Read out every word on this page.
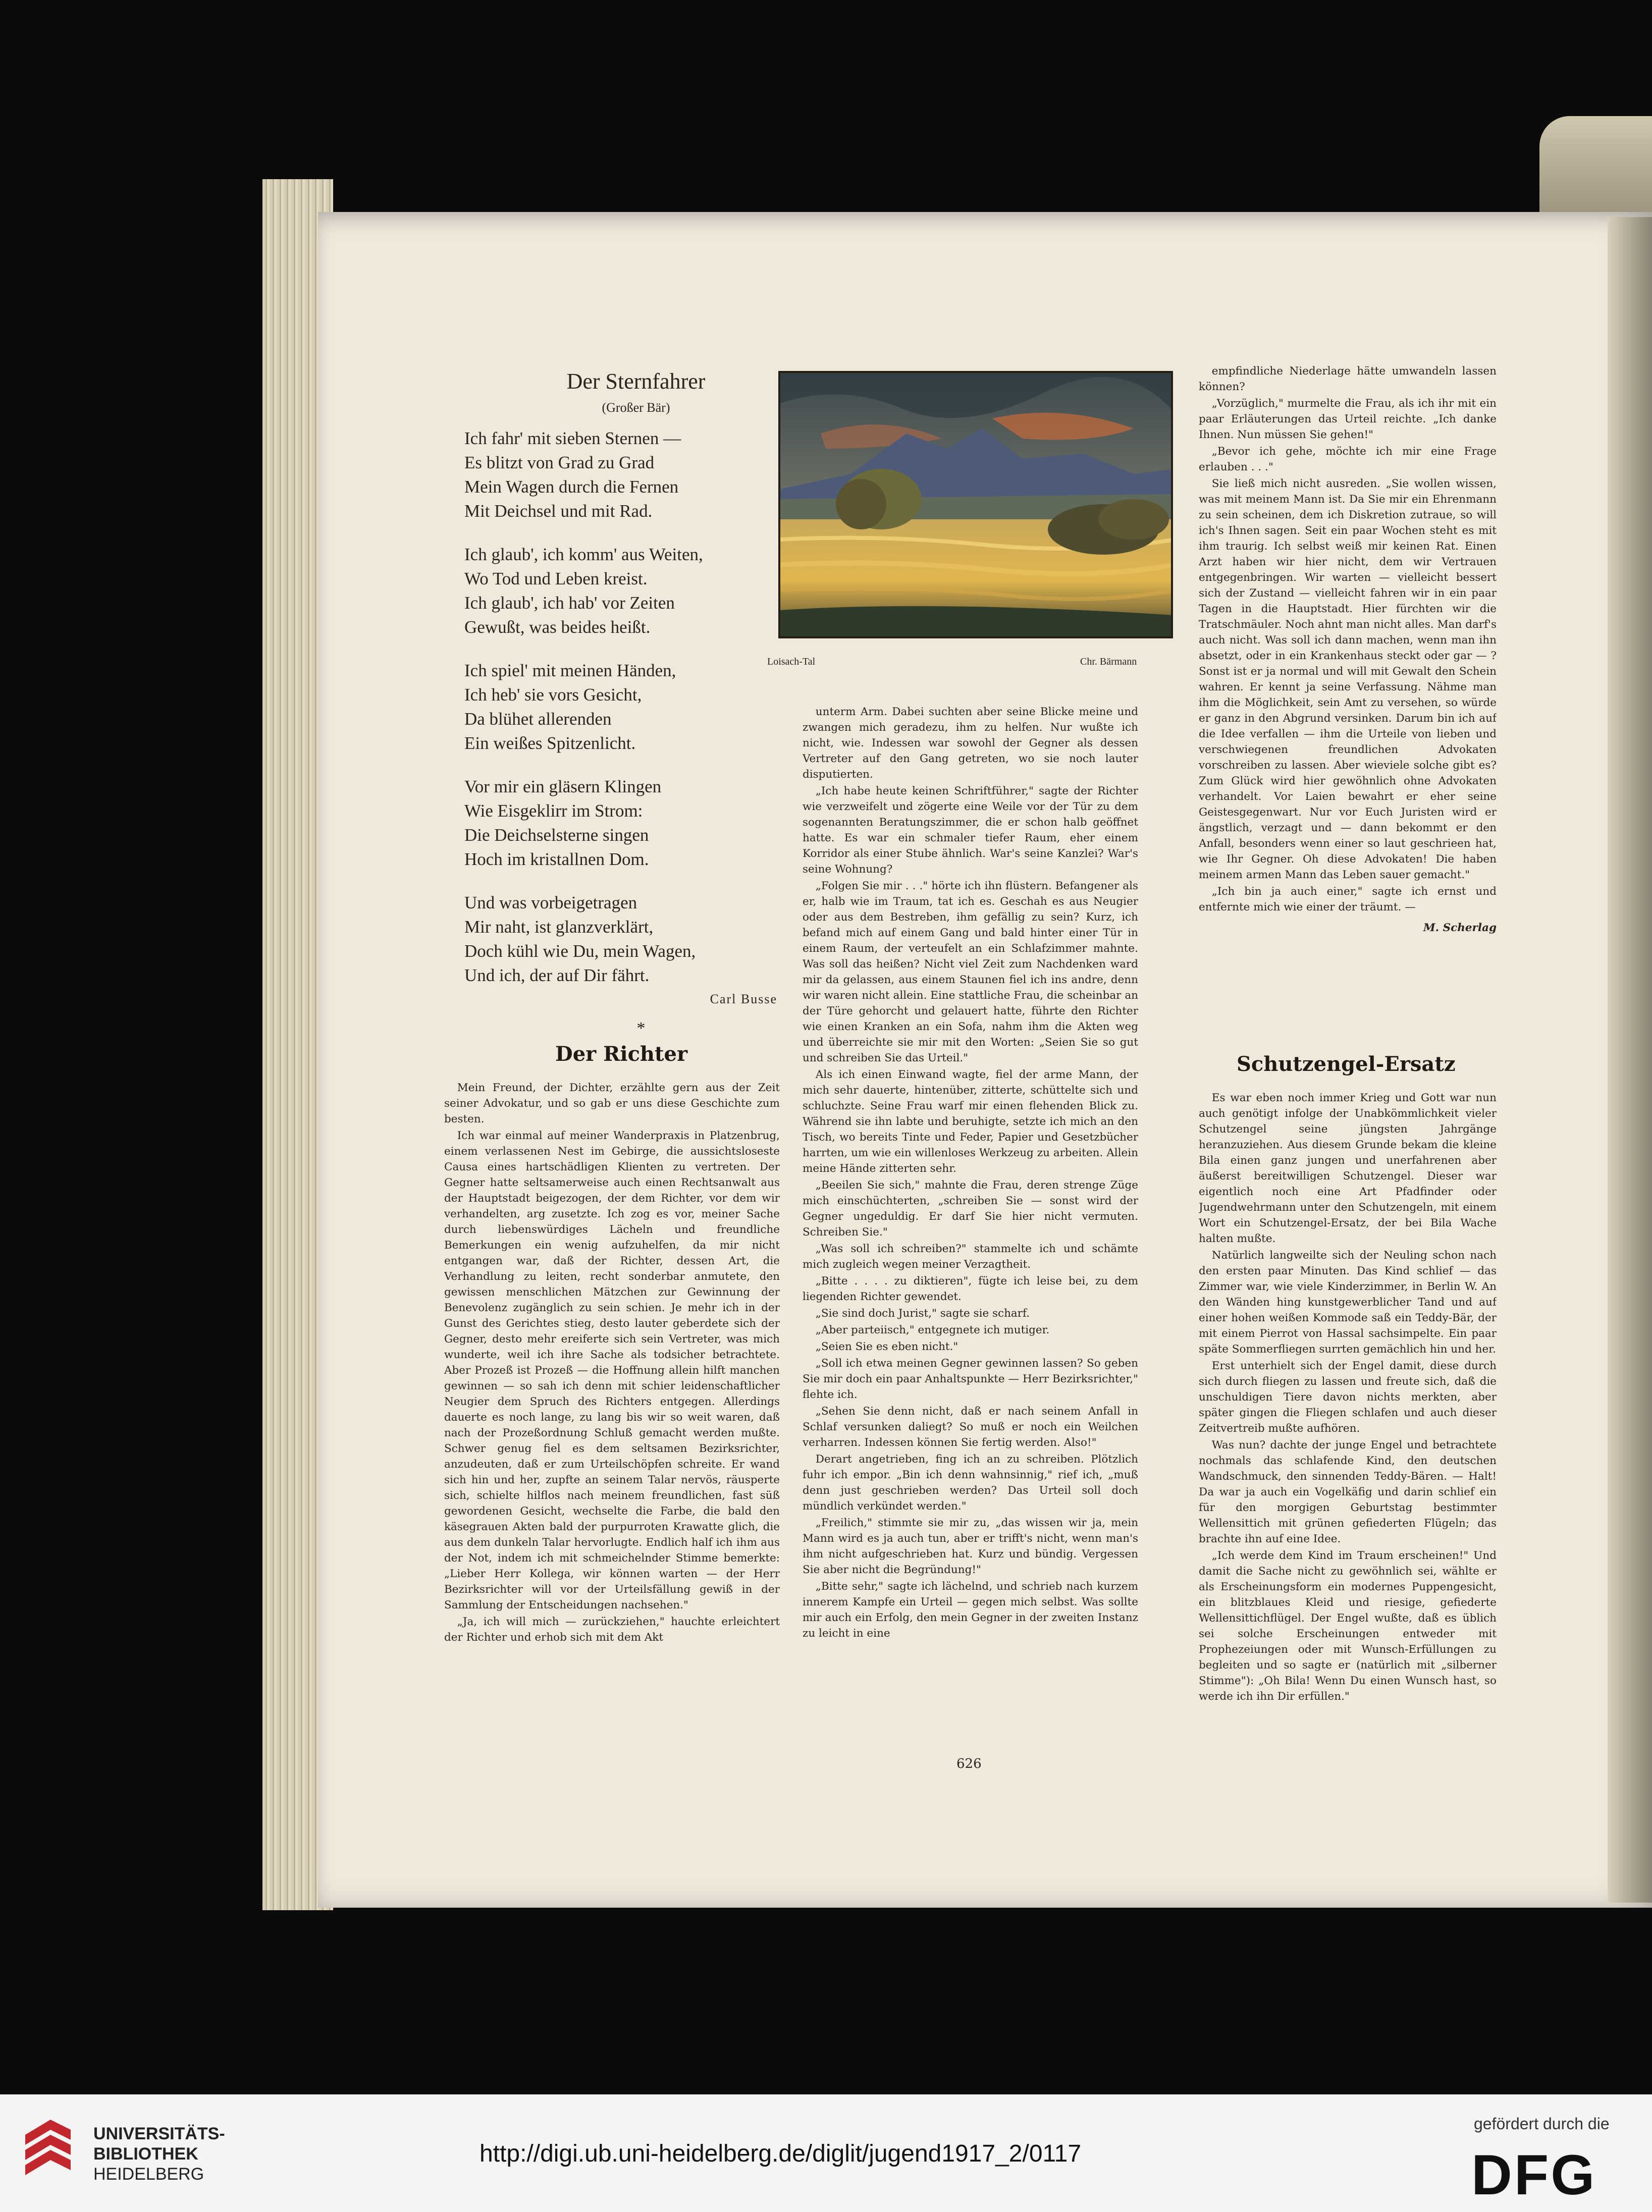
Der Sternfahrer
(Großer Bär)
Ich fahr' mit sieben Sternen —
Es blitzt von Grad zu Grad
Mein Wagen durch die Fernen
Mit Deichsel und mit Rad.
Ich glaub', ich komm' aus Weiten,
Wo Tod und Leben kreist.
Ich glaub', ich hab' vor Zeiten
Gewußt, was beides heißt.
Ich spiel' mit meinen Händen,
Ich heb' sie vors Gesicht,
Da blühet allerenden
Ein weißes Spitzenlicht.
Vor mir ein gläsern Klingen
Wie Eisgeklirr im Strom:
Die Deichselsterne singen
Hoch im kristallnen Dom.
Und was vorbeigetragen
Mir naht, ist glanzverklärt,
Doch kühl wie Du, mein Wagen,
Und ich, der auf Dir fährt.
Carl Busse
*
Loisach-Tal	Chr. Bärmann
Der Richter

Mein Freund, der Dichter, erzählte gern aus der Zeit seiner Advokatur, und so gab er uns diese Geschichte zum besten.

Ich war einmal auf meiner Wanderpraxis in Platzenbrug, einem verlassenen Nest im Gebirge, die aussichtsloseste Causa eines hartschädligen Klienten zu vertreten. Der Gegner hatte seltsamerweise auch einen Rechtsanwalt aus der Hauptstadt beigezogen, der dem Richter, vor dem wir verhandelten, arg zusetzte. Ich zog es vor, meiner Sache durch liebenswürdiges Lächeln und freundliche Bemerkungen ein wenig aufzuhelfen, da mir nicht entgangen war, daß der Richter, dessen Art, die Verhandlung zu leiten, recht sonderbar anmutete, den gewissen menschlichen Mätzchen zur Gewinnung der Benevolenz zugänglich zu sein schien. Je mehr ich in der Gunst des Gerichtes stieg, desto lauter geberdete sich der Gegner, desto mehr ereiferte sich sein Vertreter, was mich wunderte, weil ich ihre Sache als todsicher betrachtete. Aber Prozeß ist Prozeß — die Hoffnung allein hilft manchen gewinnen — so sah ich denn mit schier leidenschaftlicher Neugier dem Spruch des Richters entgegen. Allerdings dauerte es noch lange, zu lang bis wir so weit waren, daß nach der Prozeßordnung Schluß gemacht werden mußte. Schwer genug fiel es dem seltsamen Bezirksrichter, anzudeuten, daß er zum Urteilschöpfen schreite. Er wand sich hin und her, zupfte an seinem Talar nervös, räusperte sich, schielte hilflos nach meinem freundlichen, fast süß gewordenen Gesicht, wechselte die Farbe, die bald den käsegrauen Akten bald der purpurroten Krawatte glich, die aus dem dunkeln Talar hervorlugte. Endlich half ich ihm aus der Not, indem ich mit schmeichelnder Stimme bemerkte: „Lieber Herr Kollega, wir können warten — der Herr Bezirksrichter will vor der Urteilsfällung gewiß in der Sammlung der Entscheidungen nachsehen."

„Ja, ich will mich — zurückziehen," hauchte erleichtert der Richter und erhob sich mit dem Akt

unterm Arm. Dabei suchten aber seine Blicke meine und zwangen mich geradezu, ihm zu helfen. Nur wußte ich nicht, wie. Indessen war sowohl der Gegner als dessen Vertreter auf den Gang getreten, wo sie noch lauter disputierten.

„Ich habe heute keinen Schriftführer," sagte der Richter wie verzweifelt und zögerte eine Weile vor der Tür zu dem sogenannten Beratungszimmer, die er schon halb geöffnet hatte. Es war ein schmaler tiefer Raum, eher einem Korridor als einer Stube ähnlich. War's seine Kanzlei? War's seine Wohnung?

„Folgen Sie mir . . ." hörte ich ihn flüstern. Befangener als er, halb wie im Traum, tat ich es. Geschah es aus Neugier oder aus dem Bestreben, ihm gefällig zu sein? Kurz, ich befand mich auf einem Gang und bald hinter einer Tür in einem Raum, der verteufelt an ein Schlafzimmer mahnte. Was soll das heißen? Nicht viel Zeit zum Nachdenken ward mir da gelassen, aus einem Staunen fiel ich ins andre, denn wir waren nicht allein. Eine stattliche Frau, die scheinbar an der Türe gehorcht und gelauert hatte, führte den Richter wie einen Kranken an ein Sofa, nahm ihm die Akten weg und überreichte sie mir mit den Worten: „Seien Sie so gut und schreiben Sie das Urteil."

Als ich einen Einwand wagte, fiel der arme Mann, der mich sehr dauerte, hintenüber, zitterte, schüttelte sich und schluchzte. Seine Frau warf mir einen flehenden Blick zu. Während sie ihn labte und beruhigte, setzte ich mich an den Tisch, wo bereits Tinte und Feder, Papier und Gesetzbücher harrten, um wie ein willenloses Werkzeug zu arbeiten. Allein meine Hände zitterten sehr.

„Beeilen Sie sich," mahnte die Frau, deren strenge Züge mich einschüchterten, „schreiben Sie — sonst wird der Gegner ungeduldig. Er darf Sie hier nicht vermuten. Schreiben Sie."

„Was soll ich schreiben?" stammelte ich und schämte mich zugleich wegen meiner Verzagtheit.

„Bitte . . . . zu diktieren", fügte ich leise bei, zu dem liegenden Richter gewendet.

„Sie sind doch Jurist," sagte sie scharf.

„Aber parteiisch," entgegnete ich mutiger.

„Seien Sie es eben nicht."

„Soll ich etwa meinen Gegner gewinnen lassen? So geben Sie mir doch ein paar Anhaltspunkte — Herr Bezirksrichter," flehte ich.

„Sehen Sie denn nicht, daß er nach seinem Anfall in Schlaf versunken daliegt? So muß er noch ein Weilchen verharren. Indessen können Sie fertig werden. Also!"

Derart angetrieben, fing ich an zu schreiben. Plötzlich fuhr ich empor. „Bin ich denn wahnsinnig," rief ich, „muß denn just geschrieben werden? Das Urteil soll doch mündlich verkündet werden."

„Freilich," stimmte sie mir zu, „das wissen wir ja, mein Mann wird es ja auch tun, aber er trifft's nicht, wenn man's ihm nicht aufgeschrieben hat. Kurz und bündig. Vergessen Sie aber nicht die Begründung!"

„Bitte sehr," sagte ich lächelnd, und schrieb nach kurzem innerem Kampfe ein Urteil — gegen mich selbst. Was sollte mir auch ein Erfolg, den mein Gegner in der zweiten Instanz zu leicht in eine

empfindliche Niederlage hätte umwandeln lassen können?

„Vorzüglich," murmelte die Frau, als ich ihr mit ein paar Erläuterungen das Urteil reichte. „Ich danke Ihnen. Nun müssen Sie gehen!"

„Bevor ich gehe, möchte ich mir eine Frage erlauben . . ."

Sie ließ mich nicht ausreden. „Sie wollen wissen, was mit meinem Mann ist. Da Sie mir ein Ehrenmann zu sein scheinen, dem ich Diskretion zutraue, so will ich's Ihnen sagen. Seit ein paar Wochen steht es mit ihm traurig. Ich selbst weiß mir keinen Rat. Einen Arzt haben wir hier nicht, dem wir Vertrauen entgegenbringen. Wir warten — vielleicht bessert sich der Zustand — vielleicht fahren wir in ein paar Tagen in die Hauptstadt. Hier fürchten wir die Tratschmäuler. Noch ahnt man nicht alles. Man darf's auch nicht. Was soll ich dann machen, wenn man ihn absetzt, oder in ein Krankenhaus steckt oder gar — ? Sonst ist er ja normal und will mit Gewalt den Schein wahren. Er kennt ja seine Verfassung. Nähme man ihm die Möglichkeit, sein Amt zu versehen, so würde er ganz in den Abgrund versinken. Darum bin ich auf die Idee verfallen — ihm die Urteile von lieben und verschwiegenen freundlichen Advokaten vorschreiben zu lassen. Aber wieviele solche gibt es? Zum Glück wird hier gewöhnlich ohne Advokaten verhandelt. Vor Laien bewahrt er eher seine Geistesgegenwart. Nur vor Euch Juristen wird er ängstlich, verzagt und — dann bekommt er den Anfall, besonders wenn einer so laut geschrieen hat, wie Ihr Gegner. Oh diese Advokaten! Die haben meinem armen Mann das Leben sauer gemacht."

„Ich bin ja auch einer," sagte ich ernst und entfernte mich wie einer der träumt. —

M. Scherlag
Schutzengel-Ersatz

Es war eben noch immer Krieg und Gott war nun auch genötigt infolge der Unabkömmlichkeit vieler Schutzengel seine jüngsten Jahrgänge heranzuziehen. Aus diesem Grunde bekam die kleine Bila einen ganz jungen und unerfahrenen aber äußerst bereitwilligen Schutzengel. Dieser war eigentlich noch eine Art Pfadfinder oder Jugendwehrmann unter den Schutzengeln, mit einem Wort ein Schutzengel-Ersatz, der bei Bila Wache halten mußte.

Natürlich langweilte sich der Neuling schon nach den ersten paar Minuten. Das Kind schlief — das Zimmer war, wie viele Kinderzimmer, in Berlin W. An den Wänden hing kunstgewerblicher Tand und auf einer hohen weißen Kommode saß ein Teddy-Bär, der mit einem Pierrot von Hassal sachsimpelte. Ein paar späte Sommerfliegen surrten gemächlich hin und her.

Erst unterhielt sich der Engel damit, diese durch sich durch fliegen zu lassen und freute sich, daß die unschuldigen Tiere davon nichts merkten, aber später gingen die Fliegen schlafen und auch dieser Zeitvertreib mußte aufhören.

Was nun? dachte der junge Engel und betrachtete nochmals das schlafende Kind, den deutschen Wandschmuck, den sinnenden Teddy-Bären. — Halt! Da war ja auch ein Vogelkäfig und darin schlief ein für den morgigen Geburtstag bestimmter Wellensittich mit grünen gefiederten Flügeln; das brachte ihn auf eine Idee.

„Ich werde dem Kind im Traum erscheinen!" Und damit die Sache nicht zu gewöhnlich sei, wählte er als Erscheinungsform ein modernes Puppengesicht, ein blitzblaues Kleid und riesige, gefiederte Wellensittichflügel. Der Engel wußte, daß es üblich sei solche Erscheinungen entweder mit Prophezeiungen oder mit Wunsch-Erfüllungen zu begleiten und so sagte er (natürlich mit „silberner Stimme"): „Oh Bila! Wenn Du einen Wunsch hast, so werde ich ihn Dir erfüllen."

626
UNIVERSITÄTS-
BIBLIOTHEK
HEIDELBERG
http://digi.ub.uni-heidelberg.de/diglit/jugend1917_2/0117
gefördert durch die
DFG
